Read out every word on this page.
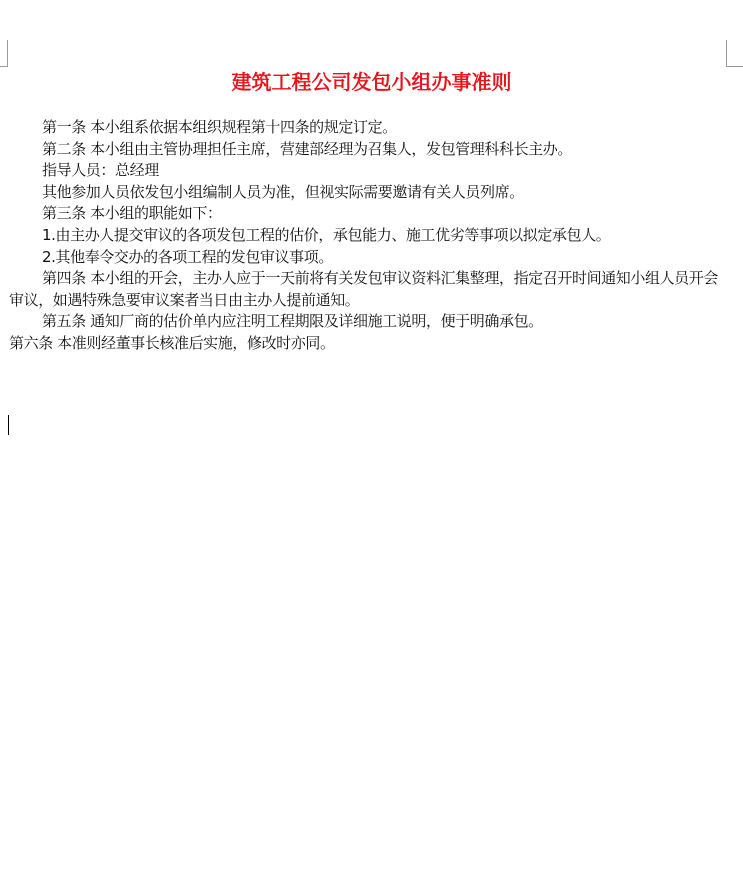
建筑工程公司发包小组办事准则

第一条 本小组系依据本组织规程第十四条的规定订定。

第二条 本小组由主管协理担任主席，营建部经理为召集人，发包管理科科长主办。

指导人员：总经理

其他参加人员依发包小组编制人员为准，但视实际需要邀请有关人员列席。

第三条 本小组的职能如下：

1.由主办人提交审议的各项发包工程的估价，承包能力、施工优劣等事项以拟定承包人。

2.其他奉令交办的各项工程的发包审议事项。

第四条 本小组的开会，主办人应于一天前将有关发包审议资料汇集整理，指定召开时间通知小组人员开会审议，如遇特殊急要审议案者当日由主办人提前通知。

第五条 通知厂商的估价单内应注明工程期限及详细施工说明，便于明确承包。

第六条 本准则经董事长核准后实施，修改时亦同。
